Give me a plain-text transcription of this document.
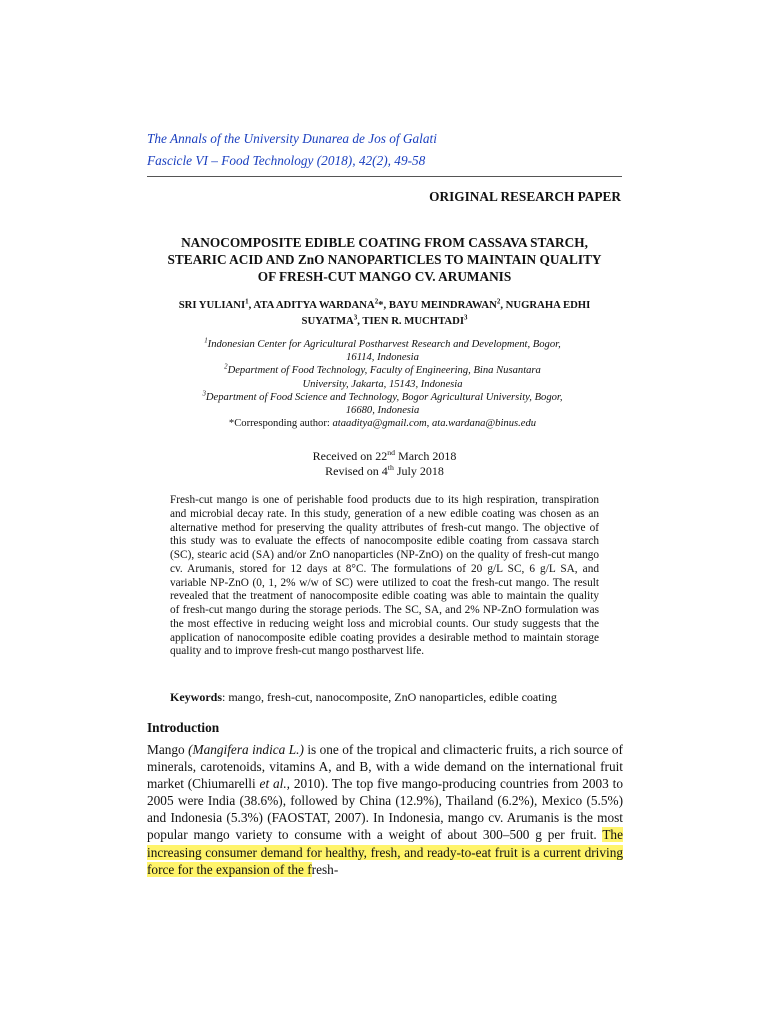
The Annals of the University Dunarea de Jos of Galati
Fascicle VI – Food Technology (2018), 42(2), 49-58
ORIGINAL RESEARCH PAPER
NANOCOMPOSITE EDIBLE COATING FROM CASSAVA STARCH,
STEARIC ACID AND ZnO NANOPARTICLES TO MAINTAIN QUALITY
OF FRESH-CUT MANGO CV. ARUMANIS
SRI YULIANI$^1$, ATA ADITYA WARDANA$^2$*, BAYU MEINDRAWAN$^2$, NUGRAHA EDHI
SUYATMA$^3$, TIEN R. MUCHTADI$^3$
$^1$Indonesian Center for Agricultural Postharvest Research and Development, Bogor,
16114, Indonesia
$^2$Department of Food Technology, Faculty of Engineering, Bina Nusantara
University, Jakarta, 15143, Indonesia
$^3$Department of Food Science and Technology, Bogor Agricultural University, Bogor,
16680, Indonesia
*Corresponding author: ataaditya@gmail.com, ata.wardana@binus.edu
Received on 22nd March 2018
Revised on 4th July 2018
Fresh-cut mango is one of perishable food products due to its high respiration, transpiration and microbial decay rate. In this study, generation of a new edible coating was chosen as an alternative method for preserving the quality attributes of fresh-cut mango. The objective of this study was to evaluate the effects of nanocomposite edible coating from cassava starch (SC), stearic acid (SA) and/or ZnO nanoparticles (NP-ZnO) on the quality of fresh-cut mango cv. Arumanis, stored for 12 days at 8°C. The formulations of 20 g/L SC, 6 g/L SA, and variable NP-ZnO (0, 1, 2% w/w of SC) were utilized to coat the fresh-cut mango. The result revealed that the treatment of nanocomposite edible coating was able to maintain the quality of fresh-cut mango during the storage periods. The SC, SA, and 2% NP-ZnO formulation was the most effective in reducing weight loss and microbial counts. Our study suggests that the application of nanocomposite edible coating provides a desirable method to maintain storage quality and to improve fresh-cut mango postharvest life.
Keywords: mango, fresh-cut, nanocomposite, ZnO nanoparticles, edible coating
Introduction
Mango (Mangifera indica L.) is one of the tropical and climacteric fruits, a rich source of minerals, carotenoids, vitamins A, and B, with a wide demand on the international fruit market (Chiumarelli et al., 2010). The top five mango-producing countries from 2003 to 2005 were India (38.6%), followed by China (12.9%), Thailand (6.2%), Mexico (5.5%) and Indonesia (5.3%) (FAOSTAT, 2007). In Indonesia, mango cv. Arumanis is the most popular mango variety to consume with a weight of about 300–500 g per fruit. The increasing consumer demand for healthy, fresh, and ready-to-eat fruit is a current driving force for the expansion of the fresh-
